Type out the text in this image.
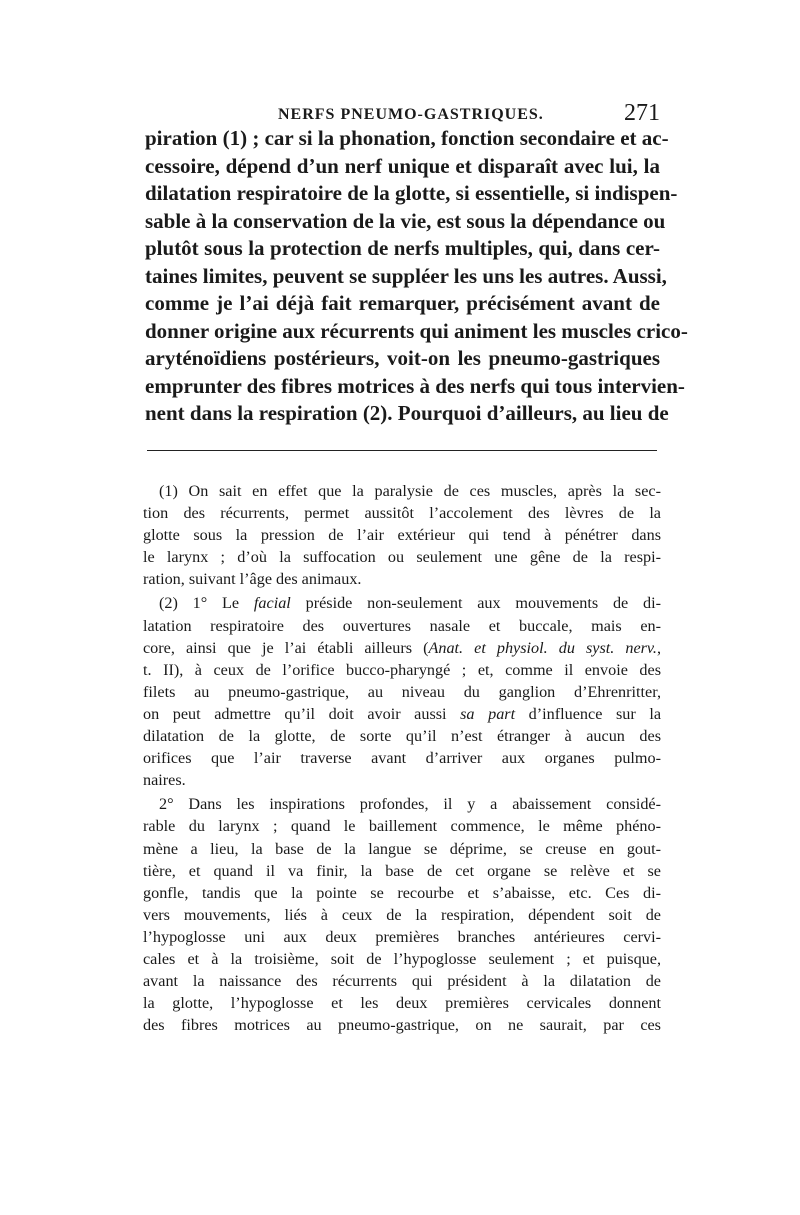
NERFS PNEUMO-GASTRIQUES.	271
piration (1) ; car si la phonation, fonction secondaire et ac-
cessoire, dépend d’un nerf unique et disparaît avec lui, la
dilatation respiratoire de la glotte, si essentielle, si indispen-
sable à la conservation de la vie, est sous la dépendance ou
plutôt sous la protection de nerfs multiples, qui, dans cer-
taines limites, peuvent se suppléer les uns les autres. Aussi,
comme je l’ai déjà fait remarquer, précisément avant de
donner origine aux récurrents qui animent les muscles crico-
aryténoïdiens postérieurs, voit-on les pneumo-gastriques
emprunter des fibres motrices à des nerfs qui tous intervien-
nent dans la respiration (2). Pourquoi d’ailleurs, au lieu de
(1) On sait en effet que la paralysie de ces muscles, après la sec-
tion des récurrents, permet aussitôt l’accolement des lèvres de la
glotte sous la pression de l’air extérieur qui tend à pénétrer dans
le larynx ; d’où la suffocation ou seulement une gêne de la respi-
ration, suivant l’âge des animaux.
(2) 1° Le facial préside non-seulement aux mouvements de di-
latation respiratoire des ouvertures nasale et buccale, mais en-
core, ainsi que je l’ai établi ailleurs (Anat. et physiol. du syst. nerv.,
t. II), à ceux de l’orifice bucco-pharyngé ; et, comme il envoie des
filets au pneumo-gastrique, au niveau du ganglion d’Ehrenritter,
on peut admettre qu’il doit avoir aussi sa part d’influence sur la
dilatation de la glotte, de sorte qu’il n’est étranger à aucun des
orifices que l’air traverse avant d’arriver aux organes pulmo-
naires.
2° Dans les inspirations profondes, il y a abaissement considé-
rable du larynx ; quand le baillement commence, le même phéno-
mène a lieu, la base de la langue se déprime, se creuse en gout-
tière, et quand il va finir, la base de cet organe se relève et se
gonfle, tandis que la pointe se recourbe et s’abaisse, etc. Ces di-
vers mouvements, liés à ceux de la respiration, dépendent soit de
l’hypoglosse uni aux deux premières branches antérieures cervi-
cales et à la troisième, soit de l’hypoglosse seulement ; et puisque,
avant la naissance des récurrents qui président à la dilatation de
la glotte, l’hypoglosse et les deux premières cervicales donnent
des fibres motrices au pneumo-gastrique, on ne saurait, par ces
